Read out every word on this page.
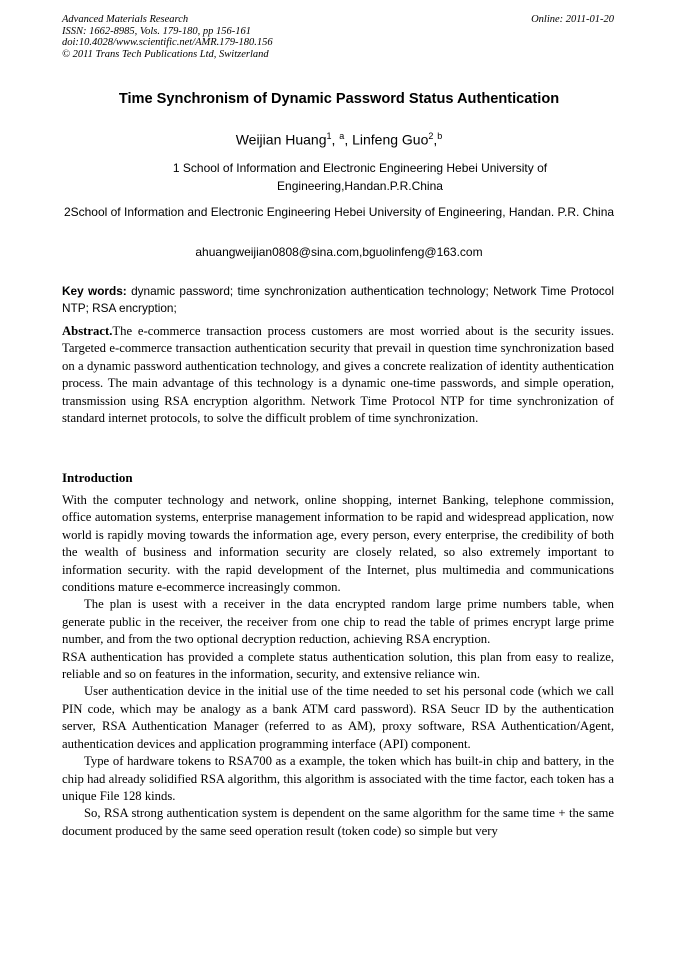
Advanced Materials Research
ISSN: 1662-8985, Vols. 179-180, pp 156-161
doi:10.4028/www.scientific.net/AMR.179-180.156
© 2011 Trans Tech Publications Ltd, Switzerland
Online: 2011-01-20
Time Synchronism of Dynamic Password Status Authentication
Weijian Huang$^1$, $^a$, Linfeng Guo$^2$,$^b$
1 School of Information and Electronic Engineering Hebei University of Engineering,Handan.P.R.China
2School of Information and Electronic Engineering Hebei University of Engineering, Handan. P.R. China
ahuangweijian0808@sina.com,bguolinfeng@163.com
Key words: dynamic password; time synchronization authentication technology; Network Time Protocol NTP; RSA encryption;
Abstract.The e-commerce transaction process customers are most worried about is the security issues. Targeted e-commerce transaction authentication security that prevail in question time synchronization based on a dynamic password authentication technology, and gives a concrete realization of identity authentication process. The main advantage of this technology is a dynamic one-time passwords, and simple operation, transmission using RSA encryption algorithm. Network Time Protocol NTP for time synchronization of standard internet protocols, to solve the difficult problem of time synchronization.
Introduction

With the computer technology and network, online shopping, internet Banking, telephone commission, office automation systems, enterprise management information to be rapid and widespread application, now world is rapidly moving towards the information age, every person, every enterprise, the credibility of both the wealth of business and information security are closely related, so also extremely important to information security. with the rapid development of the Internet, plus multimedia and communications conditions mature e-ecommerce increasingly common.

The plan is usest with a receiver in the data encrypted random large prime numbers table, when generate public in the receiver, the receiver from one chip to read the table of primes encrypt large prime number, and from the two optional decryption reduction, achieving RSA encryption.

RSA authentication has provided a complete status authentication solution, this plan from easy to realize, reliable and so on features in the information, security, and extensive reliance win.

User authentication device in the initial use of the time needed to set his personal code (which we call PIN code, which may be analogy as a bank ATM card password). RSA Seucr ID by the authentication server, RSA Authentication Manager (referred to as AM), proxy software, RSA Authentication/Agent, authentication devices and application programming interface (API) component.

Type of hardware tokens to RSA700 as a example, the token which has built-in chip and battery, in the chip had already solidified RSA algorithm, this algorithm is associated with the time factor, each token has a unique File 128 kinds.

So, RSA strong authentication system is dependent on the same algorithm for the same time + the same document produced by the same seed operation result (token code) so simple but very
